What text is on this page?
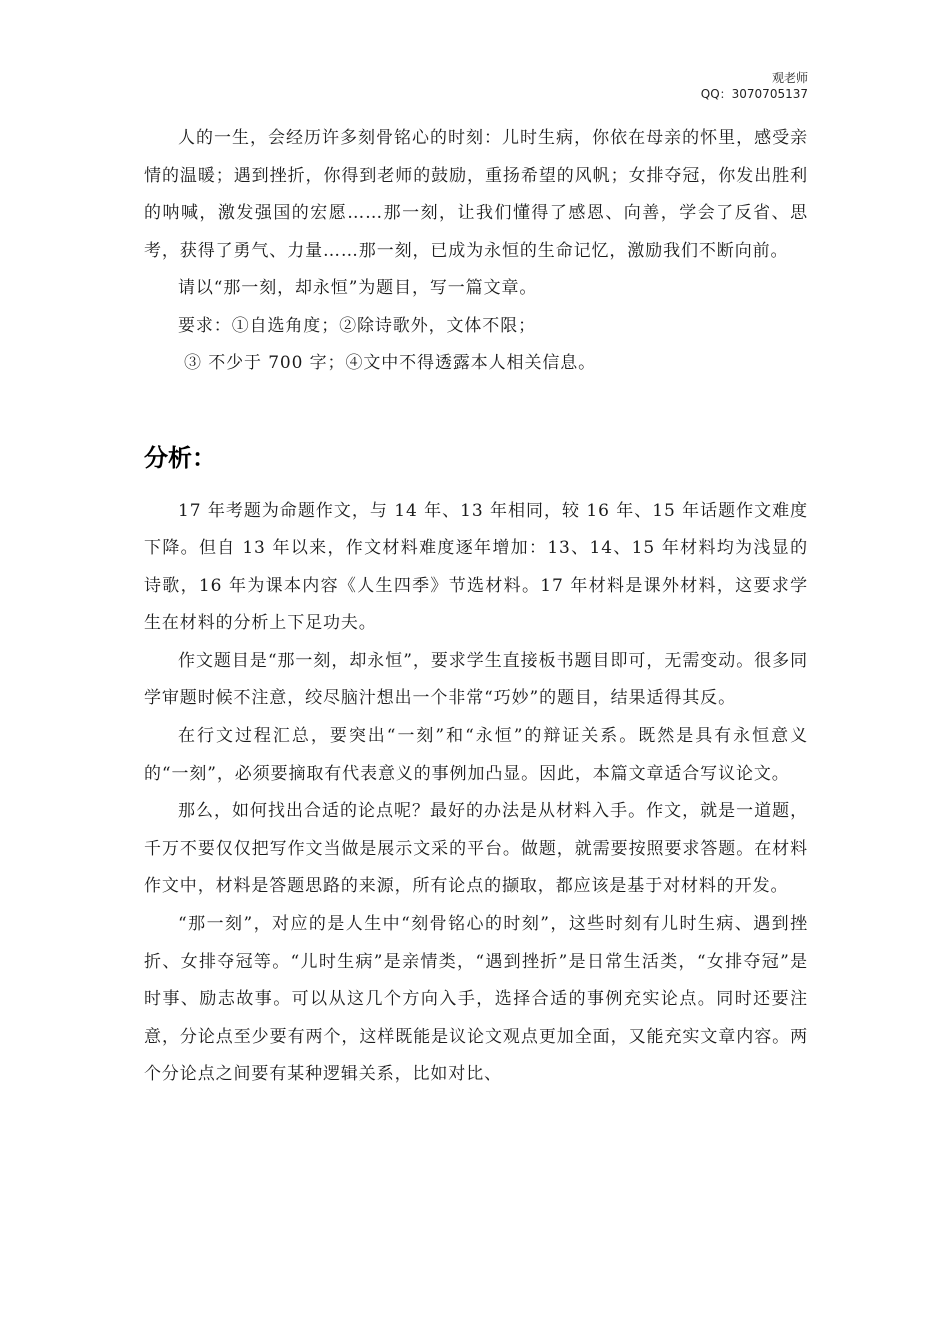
观老师
QQ：3070705137

人的一生，会经历许多刻骨铭心的时刻：儿时生病，你依在母亲的怀里，感受亲情的温暖；遇到挫折，你得到老师的鼓励，重扬希望的风帆；女排夺冠，你发出胜利的呐喊，激发强国的宏愿……那一刻，让我们懂得了感恩、向善，学会了反省、思考，获得了勇气、力量……那一刻，已成为永恒的生命记忆，激励我们不断向前。

请以“那一刻，却永恒”为题目，写一篇文章。

要求：①自选角度；②除诗歌外，文体不限；

③ 不少于 700 字；④文中不得透露本人相关信息。

分析：

17 年考题为命题作文，与 14 年、13 年相同，较 16 年、15 年话题作文难度下降。但自 13 年以来，作文材料难度逐年增加：13、14、15 年材料均为浅显的诗歌，16 年为课本内容《人生四季》节选材料。17 年材料是课外材料，这要求学生在材料的分析上下足功夫。

作文题目是“那一刻，却永恒”，要求学生直接板书题目即可，无需变动。很多同学审题时候不注意，绞尽脑汁想出一个非常“巧妙”的题目，结果适得其反。

在行文过程汇总，要突出“一刻”和“永恒”的辩证关系。既然是具有永恒意义的“一刻”，必须要摘取有代表意义的事例加凸显。因此，本篇文章适合写议论文。

那么，如何找出合适的论点呢？最好的办法是从材料入手。作文，就是一道题，千万不要仅仅把写作文当做是展示文采的平台。做题，就需要按照要求答题。在材料作文中，材料是答题思路的来源，所有论点的撷取，都应该是基于对材料的开发。

“那一刻”，对应的是人生中“刻骨铭心的时刻”，这些时刻有儿时生病、遇到挫折、女排夺冠等。“儿时生病”是亲情类，“遇到挫折”是日常生活类，“女排夺冠”是时事、励志故事。可以从这几个方向入手，选择合适的事例充实论点。同时还要注意，分论点至少要有两个，这样既能是议论文观点更加全面，又能充实文章内容。两个分论点之间要有某种逻辑关系，比如对比、
